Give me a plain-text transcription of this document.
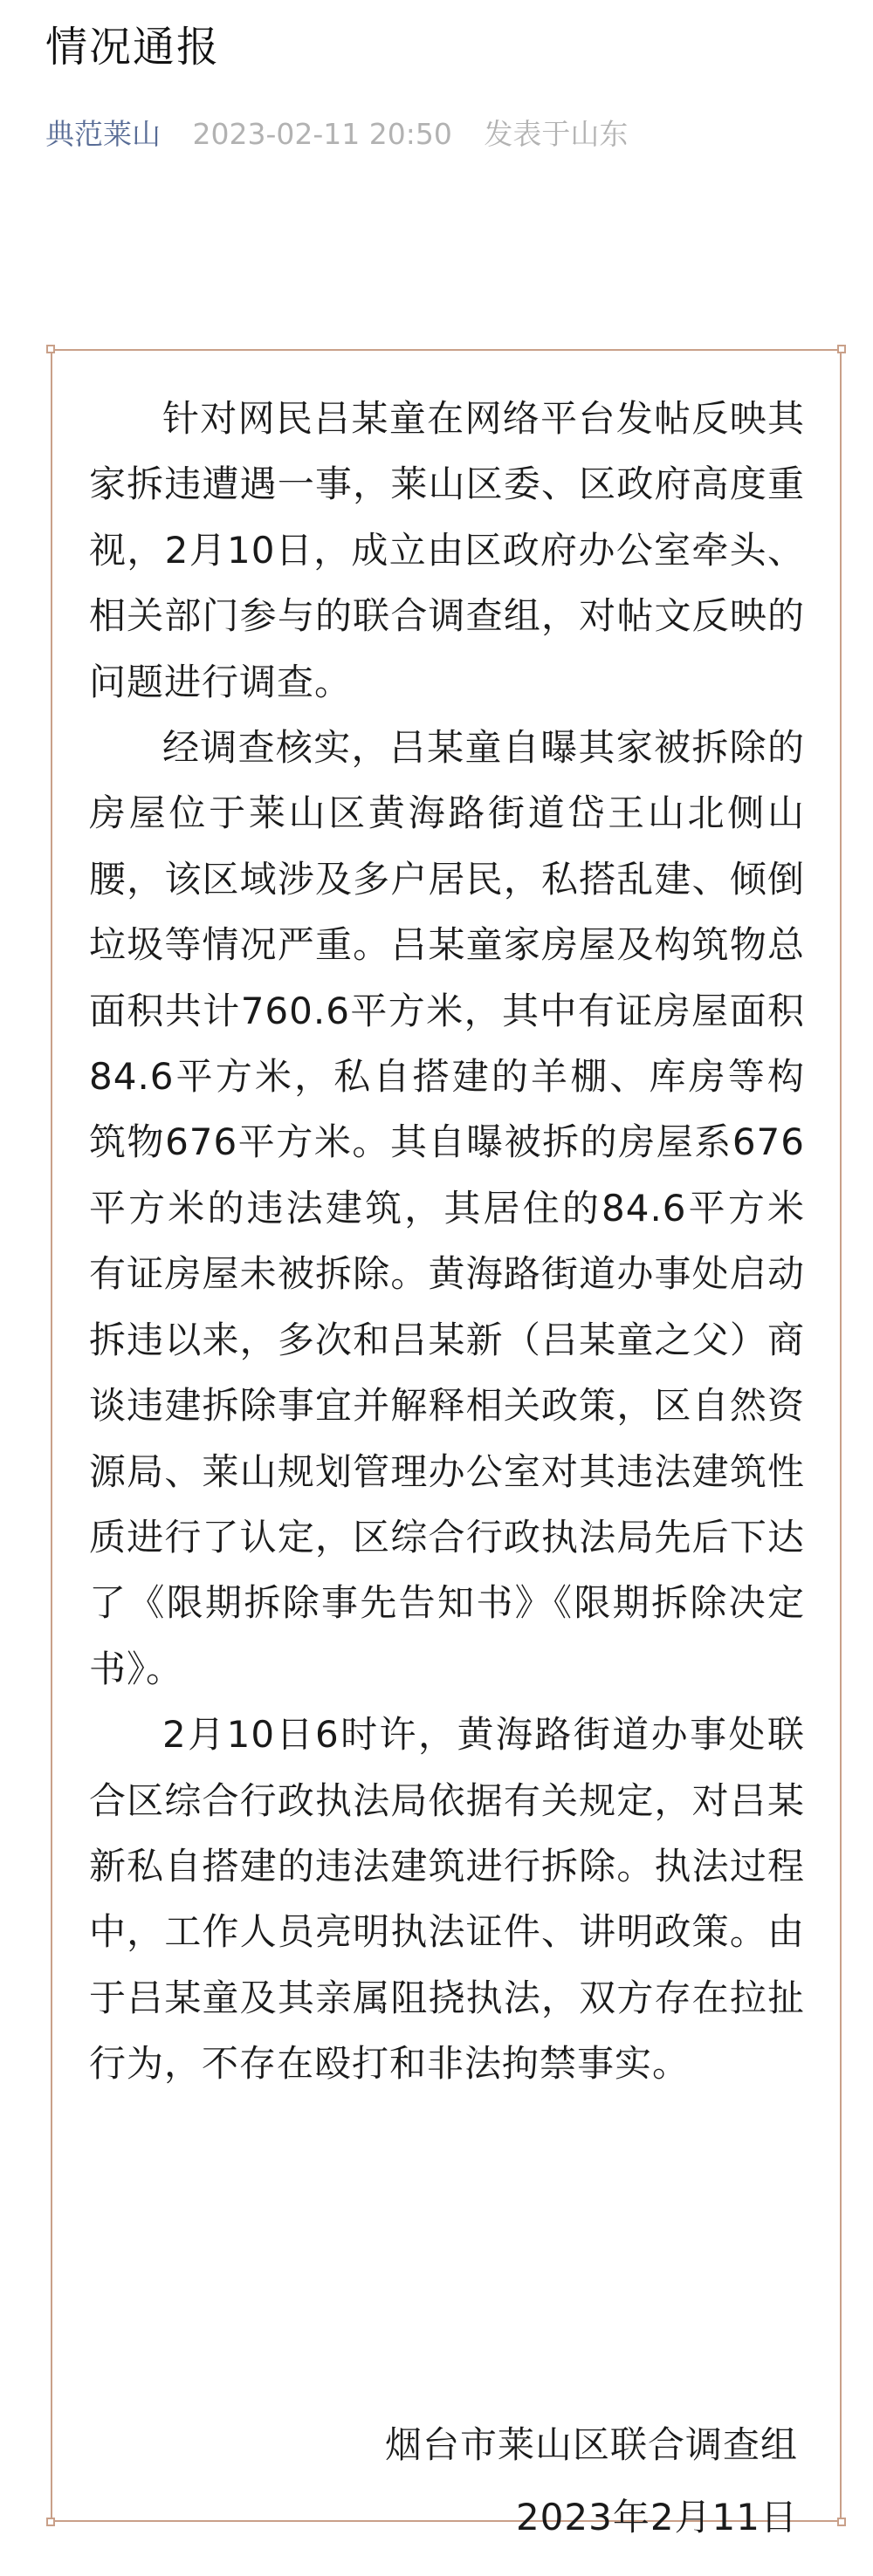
情况通报
典范莱山 2023-02-11 20:50 发表于山东

针对网民吕某童在网络平台发帖反映其家拆违遭遇一事，莱山区委、区政府高度重视，2月10日，成立由区政府办公室牵头、相关部门参与的联合调查组，对帖文反映的问题进行调查。

经调查核实，吕某童自曝其家被拆除的房屋位于莱山区黄海路街道岱王山北侧山腰，该区域涉及多户居民，私搭乱建、倾倒垃圾等情况严重。吕某童家房屋及构筑物总面积共计760.6平方米，其中有证房屋面积84.6平方米，私自搭建的羊棚、库房等构筑物676平方米。其自曝被拆的房屋系676平方米的违法建筑，其居住的84.6平方米有证房屋未被拆除。黄海路街道办事处启动拆违以来，多次和吕某新（吕某童之父）商谈违建拆除事宜并解释相关政策，区自然资源局、莱山规划管理办公室对其违法建筑性质进行了认定，区综合行政执法局先后下达了《限期拆除事先告知书》《限期拆除决定书》。

2月10日6时许，黄海路街道办事处联合区综合行政执法局依据有关规定，对吕某新私自搭建的违法建筑进行拆除。执法过程中，工作人员亮明执法证件、讲明政策。由于吕某童及其亲属阻挠执法，双方存在拉扯行为，不存在殴打和非法拘禁事实。

烟台市莱山区联合调查组
2023年2月11日
